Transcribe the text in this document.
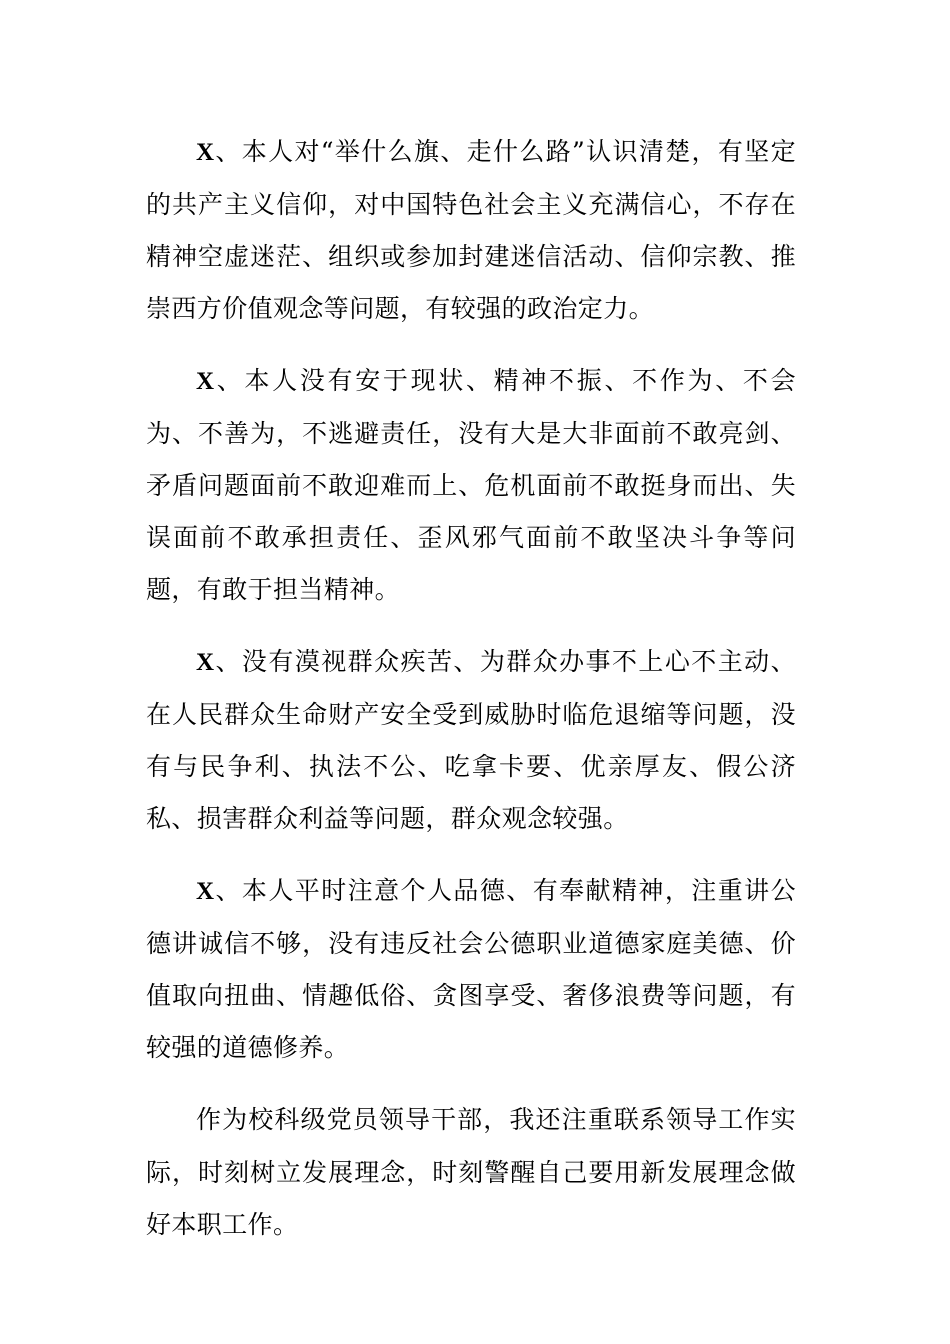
X、本人对“举什么旗、走什么路”认识清楚，有坚定的共产主义信仰，对中国特色社会主义充满信心，不存在精神空虚迷茫、组织或参加封建迷信活动、信仰宗教、推崇西方价值观念等问题，有较强的政治定力。

X、本人没有安于现状、精神不振、不作为、不会为、不善为，不逃避责任，没有大是大非面前不敢亮剑、矛盾问题面前不敢迎难而上、危机面前不敢挺身而出、失误面前不敢承担责任、歪风邪气面前不敢坚决斗争等问题，有敢于担当精神。

X、没有漠视群众疾苦、为群众办事不上心不主动、在人民群众生命财产安全受到威胁时临危退缩等问题，没有与民争利、执法不公、吃拿卡要、优亲厚友、假公济私、损害群众利益等问题，群众观念较强。

X、本人平时注意个人品德、有奉献精神，注重讲公德讲诚信不够，没有违反社会公德职业道德家庭美德、价值取向扭曲、情趣低俗、贪图享受、奢侈浪费等问题，有较强的道德修养。

作为校科级党员领导干部，我还注重联系领导工作实际，时刻树立发展理念，时刻警醒自己要用新发展理念做好本职工作。
